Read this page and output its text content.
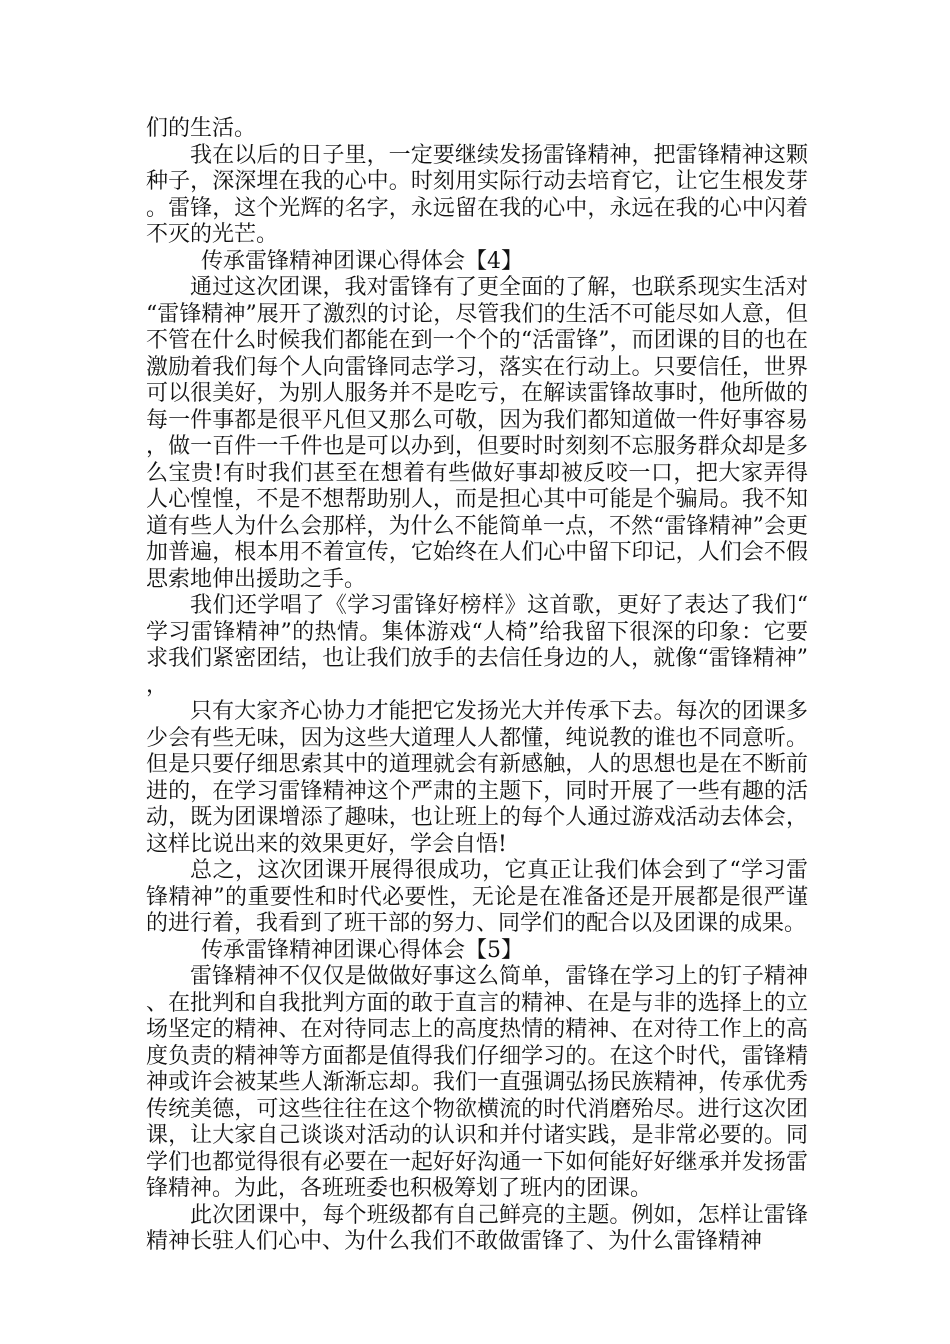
们的生活。

我在以后的日子里，一定要继续发扬雷锋精神，把雷锋精神这颗种子，深深埋在我的心中。时刻用实际行动去培育它，让它生根发芽。雷锋，这个光辉的名字，永远留在我的心中，永远在我的心中闪着不灭的光芒。

传承雷锋精神团课心得体会【4】

通过这次团课，我对雷锋有了更全面的了解，也联系现实生活对“雷锋精神”展开了激烈的讨论，尽管我们的生活不可能尽如人意，但不管在什么时候我们都能在到一个个的“活雷锋”，而团课的目的也在激励着我们每个人向雷锋同志学习，落实在行动上。只要信任，世界可以很美好，为别人服务并不是吃亏，在解读雷锋故事时，他所做的每一件事都是很平凡但又那么可敬，因为我们都知道做一件好事容易，做一百件一千件也是可以办到，但要时时刻刻不忘服务群众却是多么宝贵!有时我们甚至在想着有些做好事却被反咬一口，把大家弄得人心惶惶，不是不想帮助别人，而是担心其中可能是个骗局。我不知道有些人为什么会那样，为什么不能简单一点，不然“雷锋精神”会更加普遍，根本用不着宣传，它始终在人们心中留下印记，人们会不假思索地伸出援助之手。

我们还学唱了《学习雷锋好榜样》这首歌，更好了表达了我们“学习雷锋精神”的热情。集体游戏“人椅”给我留下很深的印象：它要求我们紧密团结，也让我们放手的去信任身边的人，就像“雷锋精神”，

只有大家齐心协力才能把它发扬光大并传承下去。每次的团课多少会有些无味，因为这些大道理人人都懂，纯说教的谁也不同意听。但是只要仔细思索其中的道理就会有新感触，人的思想也是在不断前进的，在学习雷锋精神这个严肃的主题下，同时开展了一些有趣的活动，既为团课增添了趣味，也让班上的每个人通过游戏活动去体会，这样比说出来的效果更好，学会自悟!

总之，这次团课开展得很成功，它真正让我们体会到了“学习雷锋精神”的重要性和时代必要性，无论是在准备还是开展都是很严谨的进行着，我看到了班干部的努力、同学们的配合以及团课的成果。

传承雷锋精神团课心得体会【5】

雷锋精神不仅仅是做做好事这么简单，雷锋在学习上的钉子精神、在批判和自我批判方面的敢于直言的精神、在是与非的选择上的立场坚定的精神、在对待同志上的高度热情的精神、在对待工作上的高度负责的精神等方面都是值得我们仔细学习的。在这个时代，雷锋精神或许会被某些人渐渐忘却。我们一直强调弘扬民族精神，传承优秀传统美德，可这些往往在这个物欲横流的时代消磨殆尽。进行这次团课，让大家自己谈谈对活动的认识和并付诸实践，是非常必要的。同学们也都觉得很有必要在一起好好沟通一下如何能好好继承并发扬雷锋精神。为此，各班班委也积极筹划了班内的团课。

此次团课中，每个班级都有自己鲜亮的主题。例如，怎样让雷锋精神长驻人们心中、为什么我们不敢做雷锋了、为什么雷锋精神
